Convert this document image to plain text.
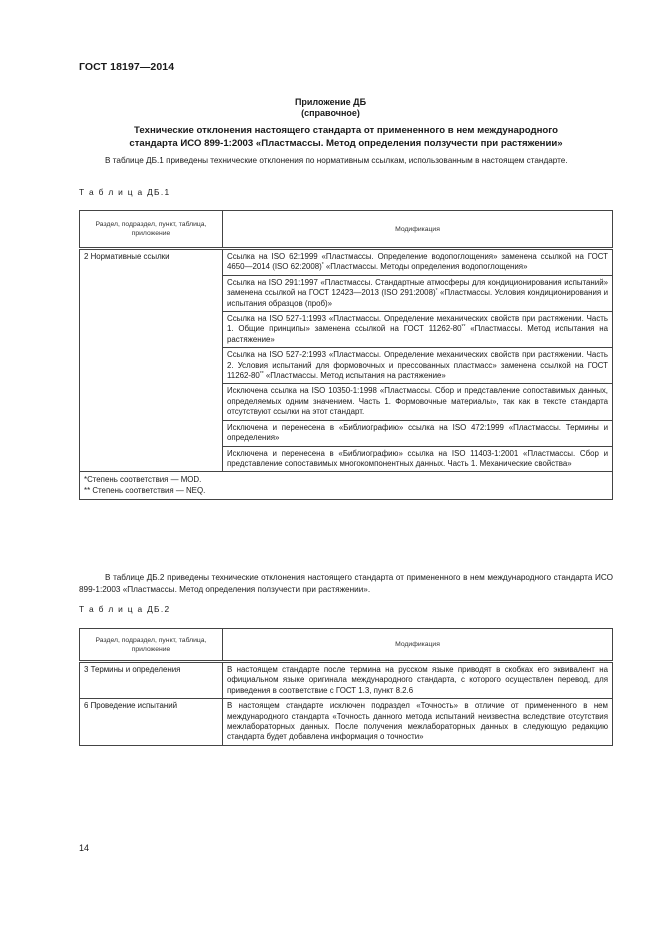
ГОСТ 18197—2014
Приложение ДБ
(справочное)
Технические отклонения настоящего стандарта от примененного в нем международного
стандарта ИСО 899-1:2003 «Пластмассы. Метод определения ползучести при растяжении»
В таблице ДБ.1 приведены технические отклонения по нормативным ссылкам, использованным в настоящем стандарте.
Т а б л и ц а ДБ.1
Раздел, подраздел, пункт, таблица, приложение	Модификация
2 Нормативные ссылки	Ссылка на ISO 62:1999 «Пластмассы. Определение водопоглощения» заменена ссылкой на ГОСТ 4650—2014 (ISO 62:2008)* «Пластмассы. Методы определения водопоглощения»
	Ссылка на ISO 291:1997 «Пластмассы. Стандартные атмосферы для кондиционирования испытаний» заменена ссылкой на ГОСТ 12423—2013 (ISO 291:2008)* «Пластмассы. Условия кондиционирования и испытания образцов (проб)»
	Ссылка на ISO 527-1:1993 «Пластмассы. Определение механических свойств при растяжении. Часть 1. Общие принципы» заменена ссылкой на ГОСТ 11262-80** «Пластмассы. Метод испытания на растяжение»
	Ссылка на ISO 527-2:1993 «Пластмассы. Определение механических свойств при растяжении. Часть 2. Условия испытаний для формовочных и прессованных пластмасс» заменена ссылкой на ГОСТ 11262-80** «Пластмассы. Метод испытания на растяжение»
	Исключена ссылка на ISO 10350-1:1998 «Пластмассы. Сбор и представление сопоставимых данных, определяемых одним значением. Часть 1. Формовочные материалы», так как в тексте стандарта отсутствуют ссылки на этот стандарт.
	Исключена и перенесена в «Библиографию» ссылка на ISO 472:1999 «Пластмассы. Термины и определения»
	Исключена и перенесена в «Библиографию» ссылка на ISO 11403-1:2001 «Пластмассы. Сбор и представление сопоставимых многокомпонентных данных. Часть 1. Механические свойства»

*Степень соответствия — MOD.
** Степень соответствия — NEQ.	
В таблице ДБ.2 приведены технические отклонения настоящего стандарта от примененного в нем международного стандарта ИСО 899-1:2003 «Пластмассы. Метод определения ползучести при растяжении».
Т а б л и ц а ДБ.2
Раздел, подраздел, пункт, таблица, приложение	Модификация
3 Термины и определения	В настоящем стандарте после термина на русском языке приводят в скобках его эквивалент на официальном языке оригинала международного стандарта, с которого осуществлен перевод, для приведения в соответствие с ГОСТ 1.3, пункт 8.2.6
6 Проведение испытаний	В настоящем стандарте исключен подраздел «Точность» в отличие от примененного в нем международного стандарта «Точность данного метода испытаний неизвестна вследствие отсутствия межлабораторных данных. После получения межлабораторных данных в следующую редакцию стандарта будет добавлена информация о точности»
14
